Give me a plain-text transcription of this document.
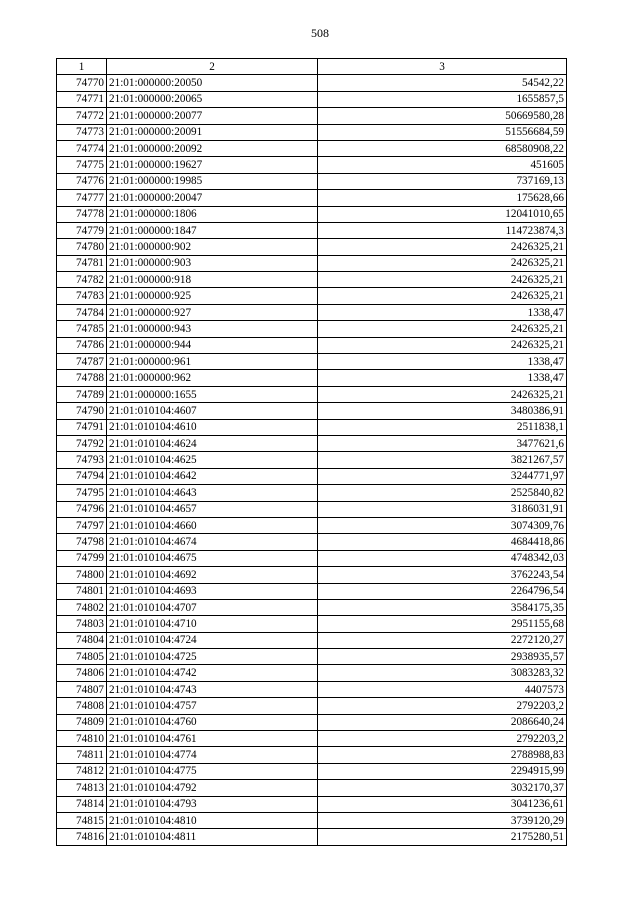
508
1	2	3
74770	21:01:000000:20050	54542,22
74771	21:01:000000:20065	1655857,5
74772	21:01:000000:20077	50669580,28
74773	21:01:000000:20091	51556684,59
74774	21:01:000000:20092	68580908,22
74775	21:01:000000:19627	451605
74776	21:01:000000:19985	737169,13
74777	21:01:000000:20047	175628,66
74778	21:01:000000:1806	12041010,65
74779	21:01:000000:1847	114723874,3
74780	21:01:000000:902	2426325,21
74781	21:01:000000:903	2426325,21
74782	21:01:000000:918	2426325,21
74783	21:01:000000:925	2426325,21
74784	21:01:000000:927	1338,47
74785	21:01:000000:943	2426325,21
74786	21:01:000000:944	2426325,21
74787	21:01:000000:961	1338,47
74788	21:01:000000:962	1338,47
74789	21:01:000000:1655	2426325,21
74790	21:01:010104:4607	3480386,91
74791	21:01:010104:4610	2511838,1
74792	21:01:010104:4624	3477621,6
74793	21:01:010104:4625	3821267,57
74794	21:01:010104:4642	3244771,97
74795	21:01:010104:4643	2525840,82
74796	21:01:010104:4657	3186031,91
74797	21:01:010104:4660	3074309,76
74798	21:01:010104:4674	4684418,86
74799	21:01:010104:4675	4748342,03
74800	21:01:010104:4692	3762243,54
74801	21:01:010104:4693	2264796,54
74802	21:01:010104:4707	3584175,35
74803	21:01:010104:4710	2951155,68
74804	21:01:010104:4724	2272120,27
74805	21:01:010104:4725	2938935,57
74806	21:01:010104:4742	3083283,32
74807	21:01:010104:4743	4407573
74808	21:01:010104:4757	2792203,2
74809	21:01:010104:4760	2086640,24
74810	21:01:010104:4761	2792203,2
74811	21:01:010104:4774	2788988,83
74812	21:01:010104:4775	2294915,99
74813	21:01:010104:4792	3032170,37
74814	21:01:010104:4793	3041236,61
74815	21:01:010104:4810	3739120,29
74816	21:01:010104:4811	2175280,51
